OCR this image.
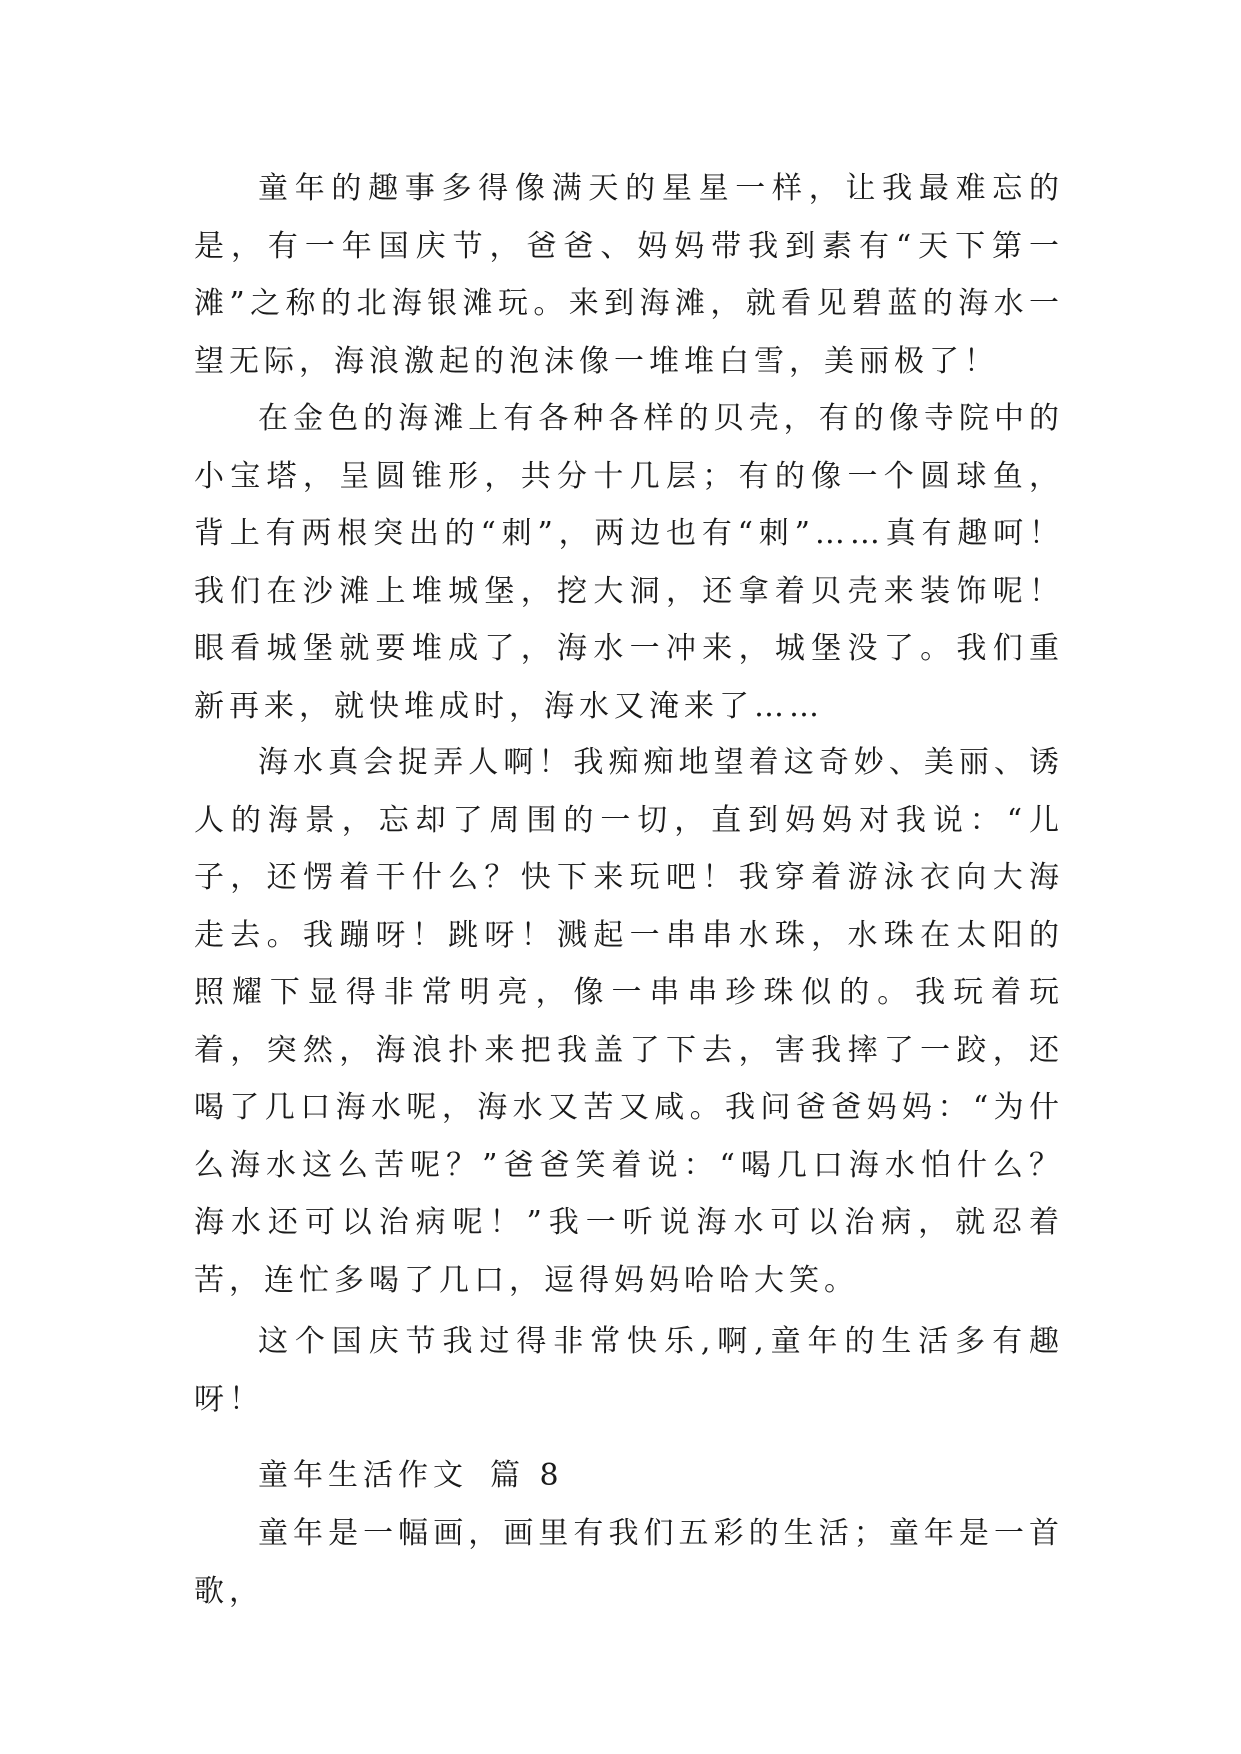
童年的趣事多得像满天的星星一样，让我最难忘的是，有一年国庆节，爸爸、妈妈带我到素有“天下第一滩”之称的北海银滩玩。来到海滩，就看见碧蓝的海水一望无际，海浪激起的泡沫像一堆堆白雪，美丽极了！

在金色的海滩上有各种各样的贝壳，有的像寺院中的小宝塔，呈圆锥形，共分十几层；有的像一个圆球鱼，背上有两根突出的“刺”，两边也有“刺”……真有趣呵！我们在沙滩上堆城堡，挖大洞，还拿着贝壳来装饰呢！眼看城堡就要堆成了，海水一冲来，城堡没了。我们重新再来，就快堆成时，海水又淹来了……

海水真会捉弄人啊！我痴痴地望着这奇妙、美丽、诱人的海景，忘却了周围的一切，直到妈妈对我说：“儿子，还愣着干什么？快下来玩吧！我穿着游泳衣向大海走去。我蹦呀！跳呀！溅起一串串水珠，水珠在太阳的照耀下显得非常明亮，像一串串珍珠似的。我玩着玩着，突然，海浪扑来把我盖了下去，害我摔了一跤，还喝了几口海水呢，海水又苦又咸。我问爸爸妈妈：“为什么海水这么苦呢？”爸爸笑着说：“喝几口海水怕什么？海水还可以治病呢！”我一听说海水可以治病，就忍着苦，连忙多喝了几口，逗得妈妈哈哈大笑。

这个国庆节我过得非常快乐,啊,童年的生活多有趣呀！

童年生活作文 篇 8

童年是一幅画，画里有我们五彩的生活；童年是一首歌，
